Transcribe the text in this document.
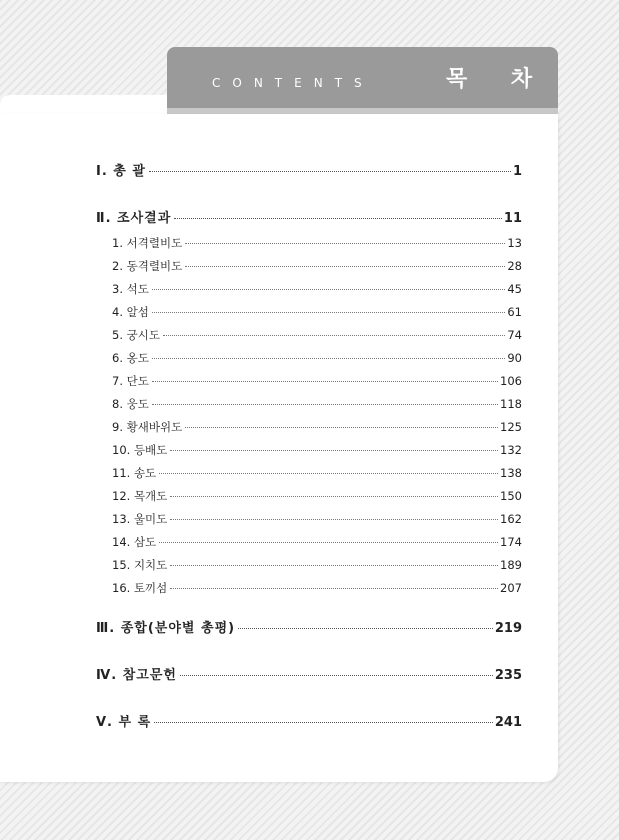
CONTENTS	목 차
Ⅰ. 총 괄	1
Ⅱ. 조사결과	11
1. 서격렬비도	13
2. 동격렬비도	28
3. 석도	45
4. 알섬	61
5. 궁시도	74
6. 옹도	90
7. 단도	106
8. 웅도	118
9. 황새바위도	125
10. 등배도	132
11. 송도	138
12. 목개도	150
13. 울미도	162
14. 삼도	174
15. 지치도	189
16. 토끼섬	207
Ⅲ. 종합(분야별 총평)	219
Ⅳ. 참고문헌	235
Ⅴ. 부 록	241
